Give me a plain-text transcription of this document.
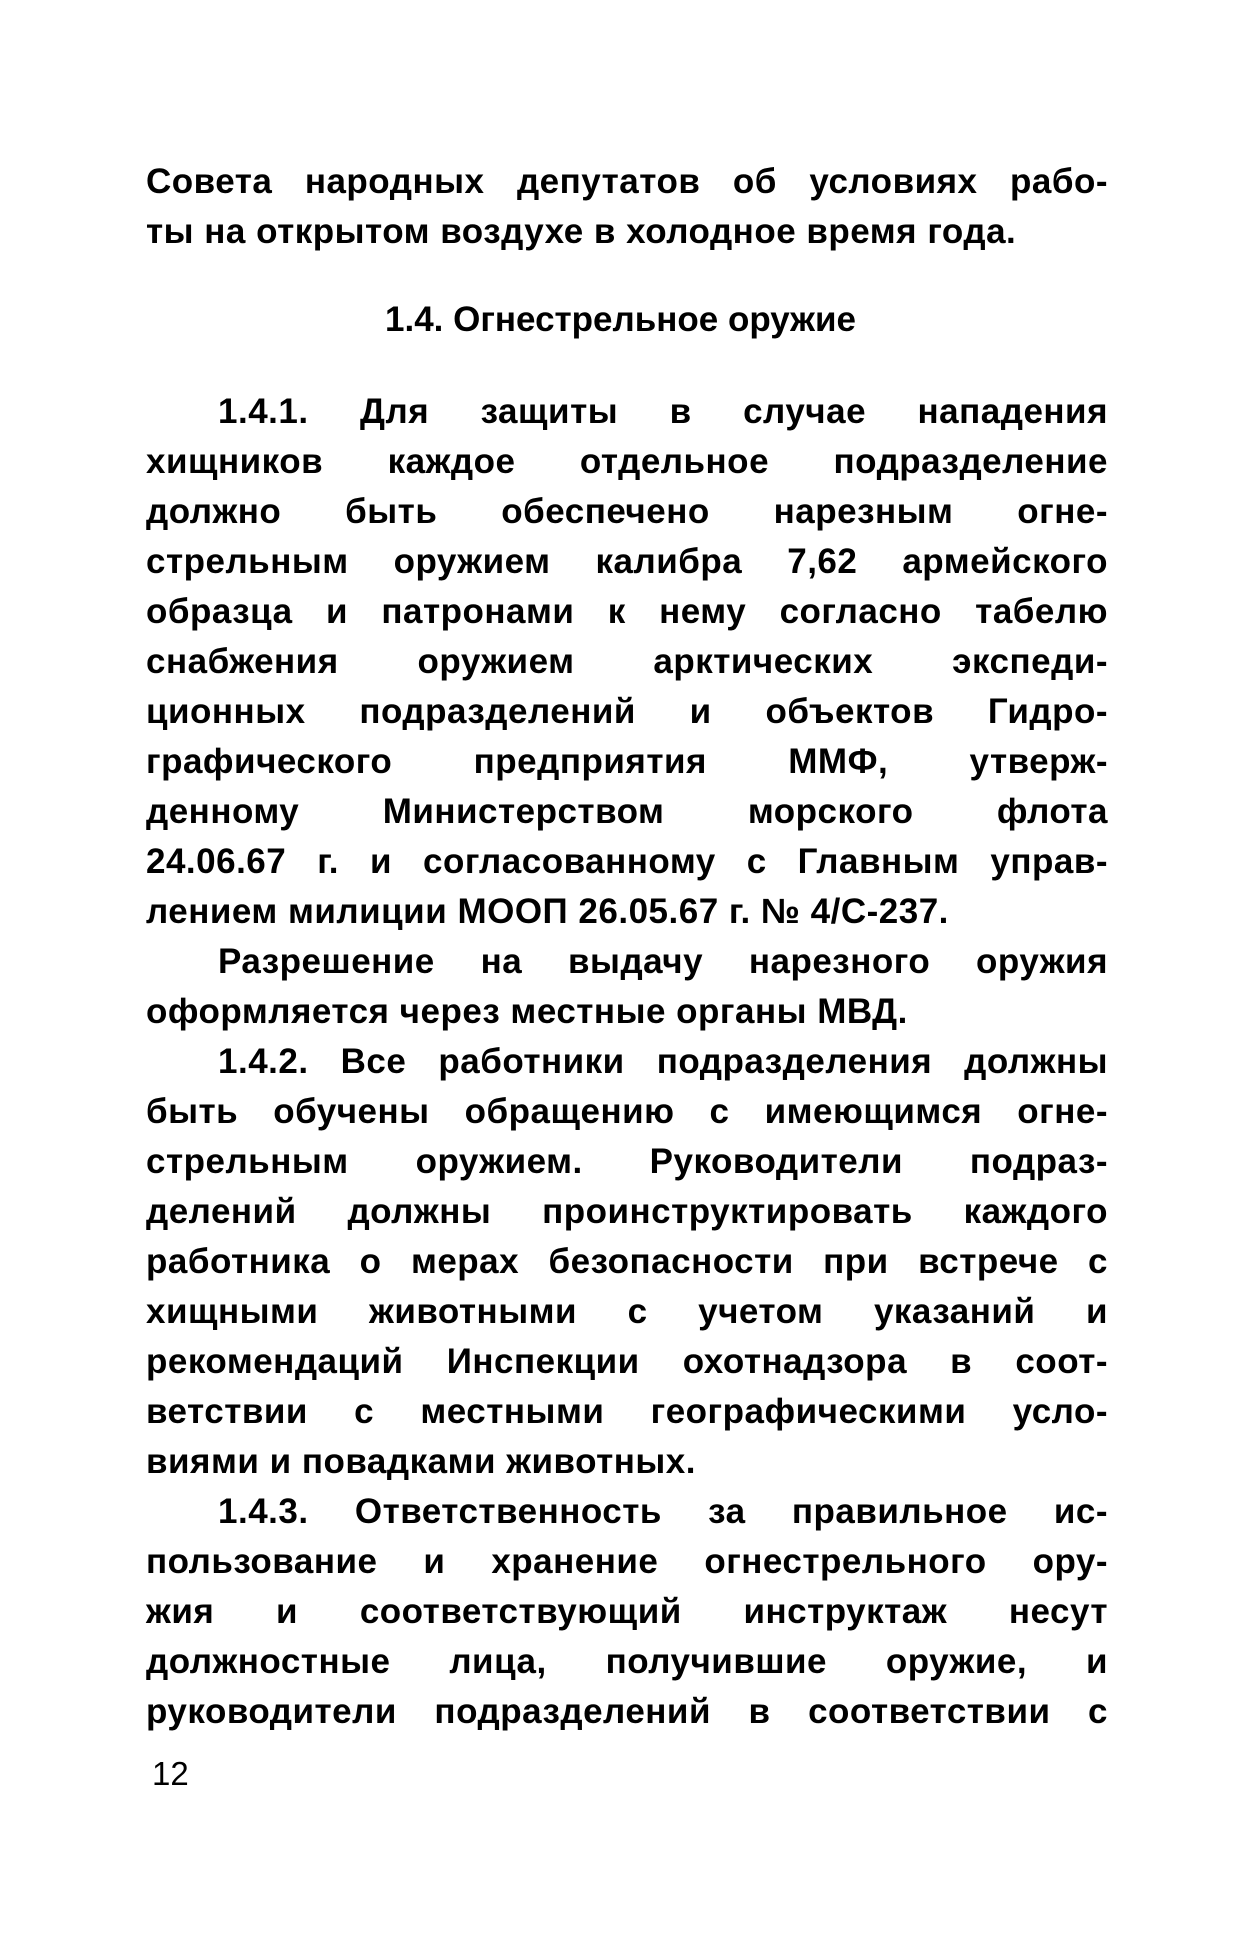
Совета народных депутатов об условиях рабо-
ты на открытом воздухе в холодное время года.
1.4. Огнестрельное оружие
1.4.1. Для защиты в случае нападения
хищников каждое отдельное подразделение
должно быть обеспечено нарезным огне-
стрельным оружием калибра 7,62 армейского
образца и патронами к нему согласно табелю
снабжения оружием арктических экспеди-
ционных подразделений и объектов Гидро-
графического предприятия ММФ, утверж-
денному Министерством морского флота
24.06.67 г. и согласованному с Главным управ-
лением милиции МООП 26.05.67 г. № 4/С-237.
Разрешение на выдачу нарезного оружия
оформляется через местные органы МВД.
1.4.2. Все работники подразделения должны
быть обучены обращению с имеющимся огне-
стрельным оружием. Руководители подраз-
делений должны проинструктировать каждого
работника о мерах безопасности при встрече с
хищными животными с учетом указаний и
рекомендаций Инспекции охотнадзора в соот-
ветствии с местными географическими усло-
виями и повадками животных.
1.4.3. Ответственность за правильное ис-
пользование и хранение огнестрельного ору-
жия и соответствующий инструктаж несут
должностные лица, получившие оружие, и
руководители подразделений в соответствии с
12
